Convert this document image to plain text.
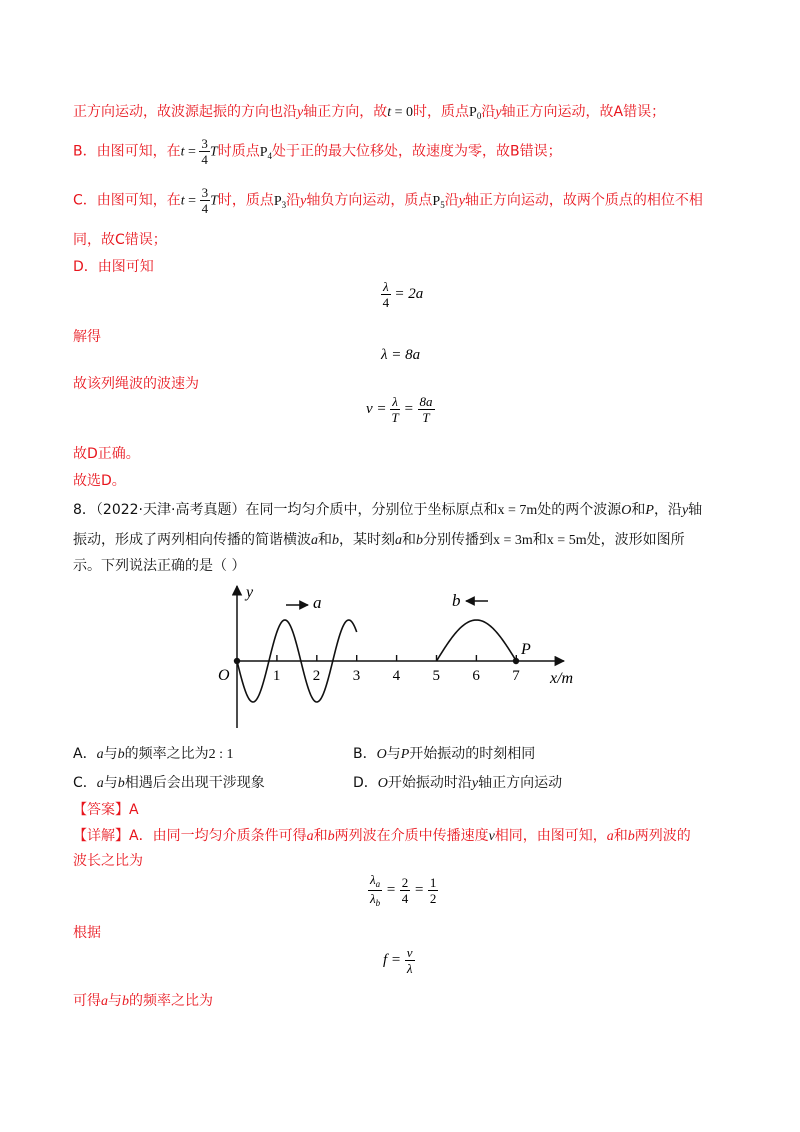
正方向运动，故波源起振的方向也沿y轴正方向，故t = 0时，质点$P_0$沿y轴正方向运动，故A错误；
B．由图可知，在$t = \frac{3}{4}$ T时质点$P_4$处于正的最大位移处，故速度为零，故B错误；
C．由图可知，在$t = \frac{3}{4}$ T时，质点$P_3$沿y轴负方向运动，质点$P_5$沿y轴正方向运动，故两个质点的相位不相
同，故C错误；
D．由图可知
$\frac{\lambda}{4} = 2a$
解得
λ = 8a
故该列绳波的波速为
$v = \frac{\lambda}{T} = \frac{8a}{T}$
故D正确。
故选D。
8．（2022·天津·高考真题）在同一均匀介质中，分别位于坐标原点和x = 7m处的两个波源O和P，沿y轴
振动，形成了两列相向传播的简谐横波a和b，某时刻a和b分别传播到x = 3m和x = 5m处，波形如图所
示。下列说法正确的是（ ）
y
x/m
O	1 2 3 4 5 6 7
a	b
P
A．a与b的频率之比为2 : 1	B．O与P开始振动的时刻相同
C．a与b相遇后会出现干涉现象	D．O开始振动时沿y轴正方向运动
【答案】A
【详解】A．由同一均匀介质条件可得a和b两列波在介质中传播速度v相同，由图可知，a和b两列波的
波长之比为
$\frac{\lambda_a}{\lambda_b} = \frac{2}{4} = \frac{1}{2}$
根据
$f = \frac{v}{\lambda}$
可得a与b的频率之比为
